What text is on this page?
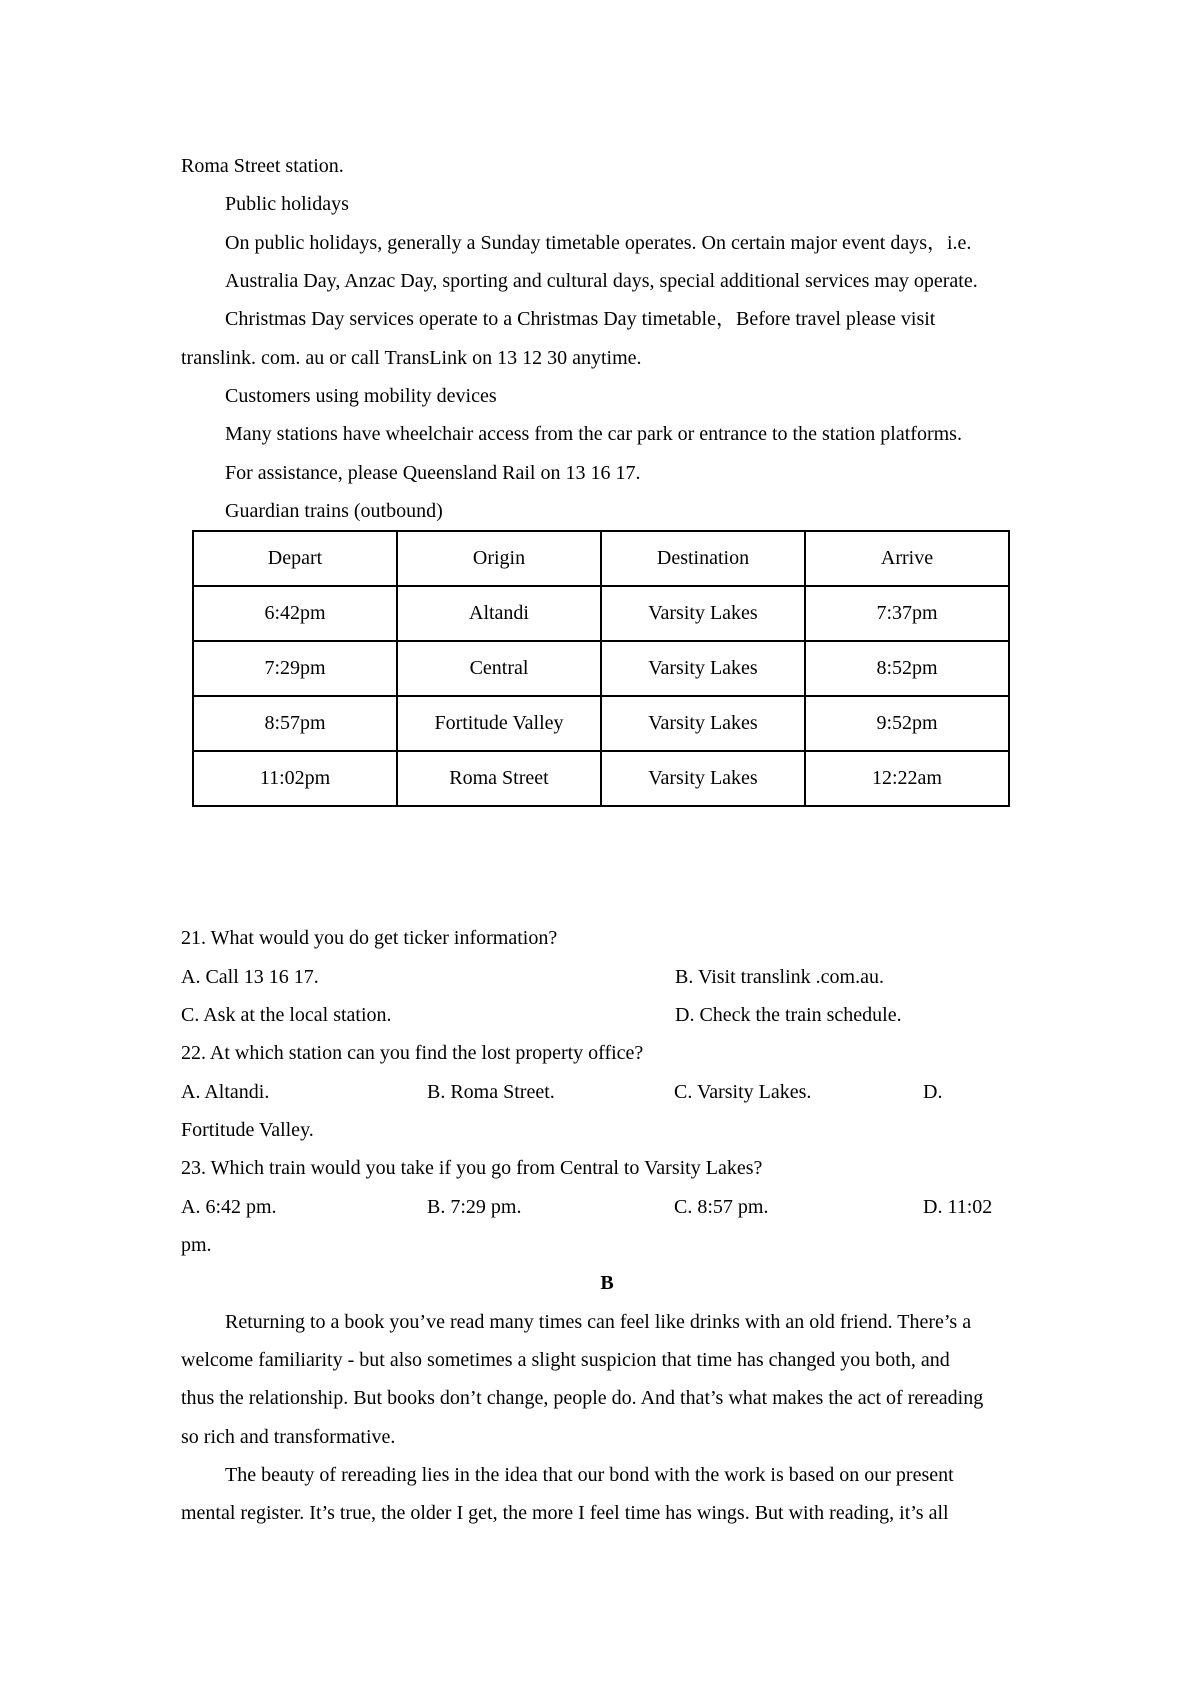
Roma Street station.
Public holidays
On public holidays, generally a Sunday timetable operates. On certain major event days，i.e.
Australia Day, Anzac Day, sporting and cultural days, special additional services may operate.
Christmas Day services operate to a Christmas Day timetable，Before travel please visit
translink. com. au or call TransLink on 13 12 30 anytime.
Customers using mobility devices
Many stations have wheelchair access from the car park or entrance to the station platforms.
For assistance, please Queensland Rail on 13 16 17.
Guardian trains (outbound)
Depart	Origin	Destination	Arrive
6:42pm	Altandi	Varsity Lakes	7:37pm
7:29pm	Central	Varsity Lakes	8:52pm
8:57pm	Fortitude Valley	Varsity Lakes	9:52pm
11:02pm	Roma Street	Varsity Lakes	12:22am
21. What would you do get ticker information?
A. Call 13 16 17.	B. Visit translink .com.au.
C. Ask at the local station.	D. Check the train schedule.
22. At which station can you find the lost property office?
A. Altandi.	B. Roma Street.	C. Varsity Lakes.	D.
Fortitude Valley.
23. Which train would you take if you go from Central to Varsity Lakes?
A. 6:42 pm.	B. 7:29 pm.	C. 8:57 pm.	D. 11:02
pm.
B
Returning to a book you’ve read many times can feel like drinks with an old friend. There’s a
welcome familiarity - but also sometimes a slight suspicion that time has changed you both, and
thus the relationship. But books don’t change, people do. And that’s what makes the act of rereading
so rich and transformative.
The beauty of rereading lies in the idea that our bond with the work is based on our present
mental register. It’s true, the older I get, the more I feel time has wings. But with reading, it’s all
